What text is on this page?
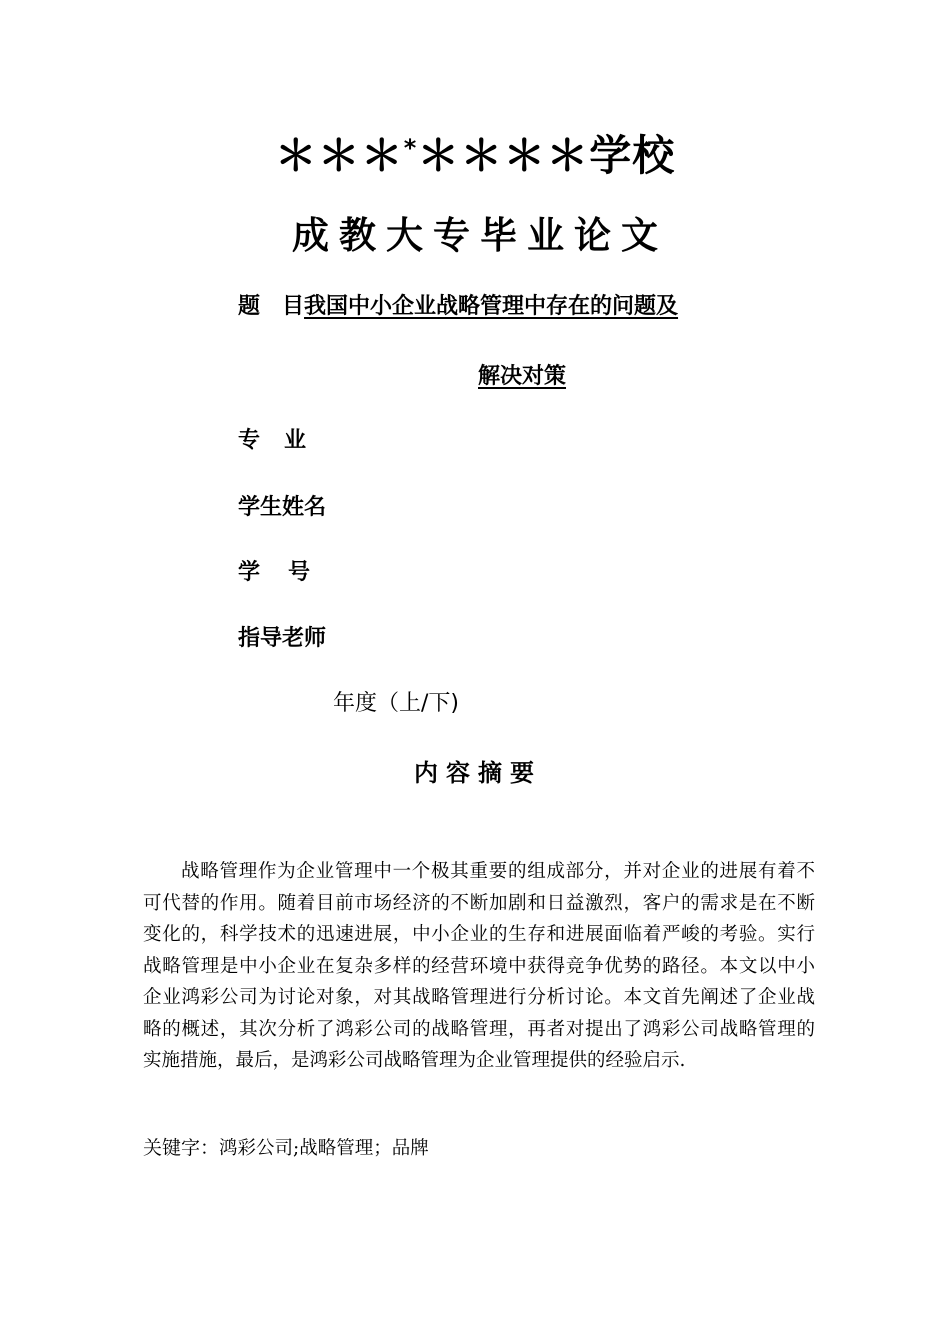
＊＊＊*＊＊＊＊学校
成教大专毕业论文
题 目我国中小企业战略管理中存在的问题及
解决对策
专 业
学生姓名
学 号
指导老师
年度（上/下)
内容摘要
战略管理作为企业管理中一个极其重要的组成部分，并对企业的进展有着不
可代替的作用。随着目前市场经济的不断加剧和日益激烈，客户的需求是在不断
变化的，科学技术的迅速进展，中小企业的生存和进展面临着严峻的考验。实行
战略管理是中小企业在复杂多样的经营环境中获得竞争优势的路径。本文以中小
企业鸿彩公司为讨论对象，对其战略管理进行分析讨论。本文首先阐述了企业战
略的概述，其次分析了鸿彩公司的战略管理，再者对提出了鸿彩公司战略管理的
实施措施，最后，是鸿彩公司战略管理为企业管理提供的经验启示.
关键字：鸿彩公司;战略管理；品牌
